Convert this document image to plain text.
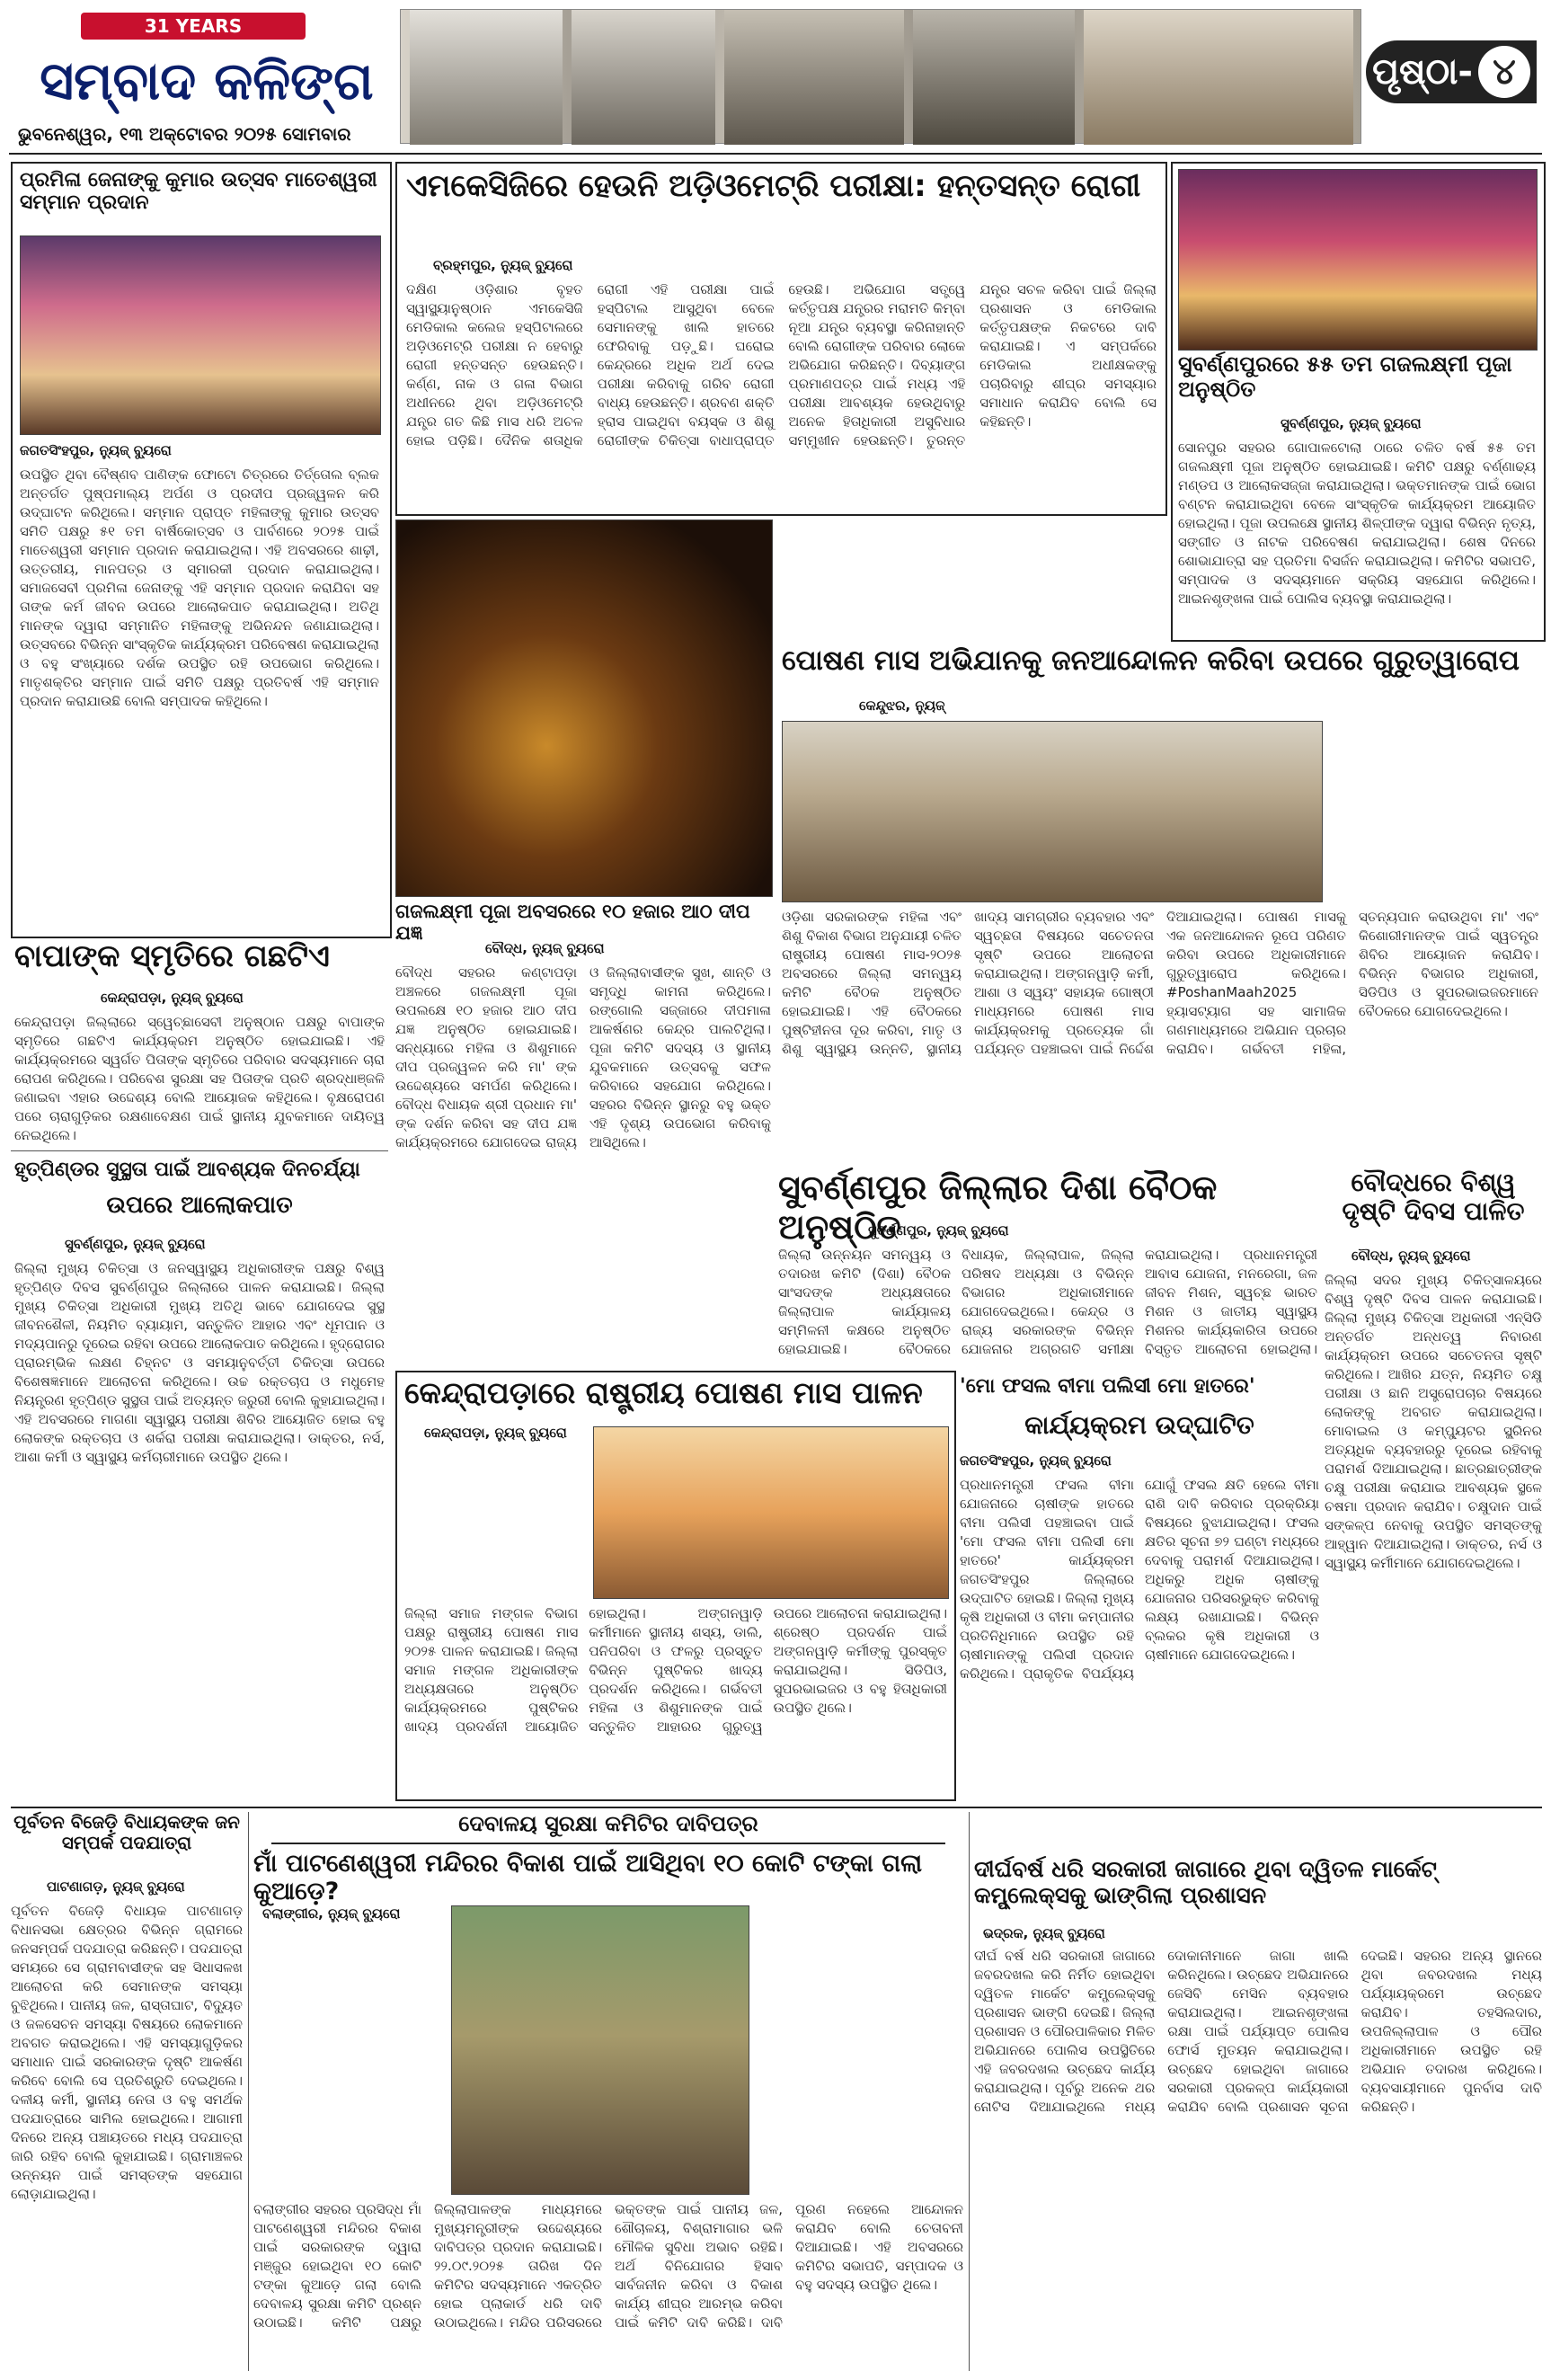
31 YEARS
ସମ୍ବାଦ କଳିଙ୍ଗ
ଭୁବନେଶ୍ୱର, ୧୩ ଅକ୍ଟୋବର ୨୦୨୫ ସୋମବାର
ପୃଷ୍ଠା- ୪
ପ୍ରମିଳା ଜେନାଙ୍କୁ କୁମାର ଉତ୍ସବ ମାତେଶ୍ୱରୀ ସମ୍ମାନ ପ୍ରଦାନ
ଜଗତସିଂହପୁର, ନ୍ୟୁଜ୍ ବ୍ୟୁରୋ
ଉପସ୍ଥିତ ଥିବା ବୈଷ୍ଣବ ପାଣିଙ୍କ ଫୋଟୋ ଚିତ୍ରରେ ତିର୍ତ୍ତୋଲ ବ୍ଲକ ଅନ୍ତର୍ଗତ ପୁଷ୍ପମାଲ୍ୟ ଅର୍ପଣ ଓ ପ୍ରଦୀପ ପ୍ରଜ୍ୱଳନ କରି ଉଦ୍‌ଘାଟନ କରିଥିଲେ। ସମ୍ମାନ ପ୍ରାପ୍ତ ମହିଳାଙ୍କୁ କୁମାର ଉତ୍ସବ ସମିତି ପକ୍ଷରୁ ୫୧ ତମ ବାର୍ଷିକୋତ୍ସବ ଓ ପାର୍ବଣରେ ୨୦୨୫ ପାଇଁ ମାତେଶ୍ୱରୀ ସମ୍ମାନ ପ୍ରଦାନ କରାଯାଇଥିଲା। ଏହି ଅବସରରେ ଶାଢ଼ୀ, ଉତ୍ତରୀୟ, ମାନପତ୍ର ଓ ସ୍ମାରକୀ ପ୍ରଦାନ କରାଯାଇଥିଲା। ସମାଜସେବୀ ପ୍ରମିଳା ଜେନାଙ୍କୁ ଏହି ସମ୍ମାନ ପ୍ରଦାନ କରାଯିବା ସହ ତାଙ୍କ କର୍ମ ଜୀବନ ଉପରେ ଆଲୋକପାତ କରାଯାଇଥିଲା। ଅତିଥି ମାନଙ୍କ ଦ୍ୱାରା ସମ୍ମାନିତ ମହିଳାଙ୍କୁ ଅଭିନନ୍ଦନ ଜଣାଯାଇଥିଲା। ଉତ୍ସବରେ ବିଭିନ୍ନ ସାଂସ୍କୃତିକ କାର୍ଯ୍ୟକ୍ରମ ପରିବେଷଣ କରାଯାଇଥିଲା ଓ ବହୁ ସଂଖ୍ୟାରେ ଦର୍ଶକ ଉପସ୍ଥିତ ରହି ଉପଭୋଗ କରିଥିଲେ। ମାତୃଶକ୍ତିର ସମ୍ମାନ ପାଇଁ ସମିତି ପକ୍ଷରୁ ପ୍ରତିବର୍ଷ ଏହି ସମ୍ମାନ ପ୍ରଦାନ କରାଯାଉଛି ବୋଲି ସମ୍ପାଦକ କହିଥିଲେ।
ବାପାଙ୍କ ସ୍ମୃତିରେ ଗଛଟିଏ
କେନ୍ଦ୍ରାପଡ଼ା, ନ୍ୟୁଜ୍ ବ୍ୟୁରୋ
କେନ୍ଦ୍ରାପଡ଼ା ଜିଲ୍ଲାରେ ସ୍ୱେଚ୍ଛାସେବୀ ଅନୁଷ୍ଠାନ ପକ୍ଷରୁ ବାପାଙ୍କ ସ୍ମୃତିରେ ଗଛଟିଏ କାର୍ଯ୍ୟକ୍ରମ ଅନୁଷ୍ଠିତ ହୋଇଯାଇଛି। ଏହି କାର୍ଯ୍ୟକ୍ରମରେ ସ୍ୱର୍ଗତ ପିତାଙ୍କ ସ୍ମୃତିରେ ପରିବାର ସଦସ୍ୟମାନେ ଚାରା ରୋପଣ କରିଥିଲେ। ପରିବେଶ ସୁରକ୍ଷା ସହ ପିତାଙ୍କ ପ୍ରତି ଶ୍ରଦ୍ଧାଞ୍ଜଳି ଜଣାଇବା ଏହାର ଉଦ୍ଦେଶ୍ୟ ବୋଲି ଆୟୋଜକ କହିଥିଲେ। ବୃକ୍ଷରୋପଣ ପରେ ଚାରାଗୁଡ଼ିକର ରକ୍ଷଣାବେକ୍ଷଣ ପାଇଁ ସ୍ଥାନୀୟ ଯୁବକମାନେ ଦାୟିତ୍ୱ ନେଇଥିଲେ।
ହୃତ୍‌ପିଣ୍ଡର ସୁସ୍ଥତା ପାଇଁ ଆବଶ୍ୟକ ଦିନଚର୍ଯ୍ୟା
ଉପରେ ଆଲୋକପାତ
ସୁବର୍ଣ୍ଣପୁର, ନ୍ୟୁଜ୍ ବ୍ୟୁରୋ
ଜିଲ୍ଲା ମୁଖ୍ୟ ଚିକିତ୍ସା ଓ ଜନସ୍ୱାସ୍ଥ୍ୟ ଅଧିକାରୀଙ୍କ ପକ୍ଷରୁ ବିଶ୍ୱ ହୃତ୍‌ପିଣ୍ଡ ଦିବସ ସୁବର୍ଣ୍ଣପୁର ଜିଲ୍ଲାରେ ପାଳନ କରାଯାଇଛି। ଜିଲ୍ଲା ମୁଖ୍ୟ ଚିକିତ୍ସା ଅଧିକାରୀ ମୁଖ୍ୟ ଅତିଥି ଭାବେ ଯୋଗଦେଇ ସୁସ୍ଥ ଜୀବନଶୈଳୀ, ନିୟମିତ ବ୍ୟାୟାମ, ସନ୍ତୁଳିତ ଆହାର ଏବଂ ଧୂମପାନ ଓ ମଦ୍ୟପାନରୁ ଦୂରେଇ ରହିବା ଉପରେ ଆଲୋକପାତ କରିଥିଲେ। ହୃଦ୍‌ରୋଗର ପ୍ରାରମ୍ଭିକ ଲକ୍ଷଣ ଚିହ୍ନଟ ଓ ସମୟାନୁବର୍ତ୍ତୀ ଚିକିତ୍ସା ଉପରେ ବିଶେଷଜ୍ଞମାନେ ଆଲୋଚନା କରିଥିଲେ। ଉଚ୍ଚ ରକ୍ତଚାପ ଓ ମଧୁମେହ ନିୟନ୍ତ୍ରଣ ହୃତ୍‌ପିଣ୍ଡ ସୁସ୍ଥତା ପାଇଁ ଅତ୍ୟନ୍ତ ଜରୁରୀ ବୋଲି କୁହାଯାଇଥିଲା। ଏହି ଅବସରରେ ମାଗଣା ସ୍ୱାସ୍ଥ୍ୟ ପରୀକ୍ଷା ଶିବିର ଆୟୋଜିତ ହୋଇ ବହୁ ଲୋକଙ୍କ ରକ୍ତଚାପ ଓ ଶର୍କରା ପରୀକ୍ଷା କରାଯାଇଥିଲା। ଡାକ୍ତର, ନର୍ସ, ଆଶା କର୍ମୀ ଓ ସ୍ୱାସ୍ଥ୍ୟ କର୍ମଚାରୀମାନେ ଉପସ୍ଥିତ ଥିଲେ।
ଏମକେସିଜିରେ ହେଉନି ଅଡ଼ିଓମେଟ୍ରି ପରୀକ୍ଷା: ହନ୍ତସନ୍ତ ରୋଗୀ
ବ୍ରହ୍ମପୁର, ନ୍ୟୁଜ୍ ବ୍ୟୁରୋ
ଦକ୍ଷିଣ ଓଡ଼ିଶାର ବୃହତ ସ୍ୱାସ୍ଥ୍ୟାନୁଷ୍ଠାନ ଏମକେସିଜି ମେଡିକାଲ କଲେଜ ହସ୍ପିଟାଲରେ ଅଡ଼ିଓମେଟ୍ରି ପରୀକ୍ଷା ନ ହେବାରୁ ରୋଗୀ ହନ୍ତସନ୍ତ ହେଉଛନ୍ତି। କର୍ଣ୍ଣ, ନାକ ଓ ଗଳା ବିଭାଗ ଅଧୀନରେ ଥିବା ଅଡ଼ିଓମେଟ୍ରି ଯନ୍ତ୍ର ଗତ କିଛି ମାସ ଧରି ଅଚଳ ହୋଇ ପଡ଼ିଛି। ଦୈନିକ ଶତାଧିକ ରୋଗୀ ଏହି ପରୀକ୍ଷା ପାଇଁ ହସ୍ପିଟାଲ ଆସୁଥିବା ବେଳେ ସେମାନଙ୍କୁ ଖାଲି ହାତରେ ଫେରିବାକୁ ପଡ଼ୁଛି। ଘରୋଇ କେନ୍ଦ୍ରରେ ଅଧିକ ଅର୍ଥ ଦେଇ ପରୀକ୍ଷା କରିବାକୁ ଗରିବ ରୋଗୀ ବାଧ୍ୟ ହେଉଛନ୍ତି। ଶ୍ରବଣ ଶକ୍ତି ହ୍ରାସ ପାଇଥିବା ବୟସ୍କ ଓ ଶିଶୁ ରୋଗୀଙ୍କ ଚିକିତ୍ସା ବାଧାପ୍ରାପ୍ତ ହେଉଛି। ଅଭିଯୋଗ ସତ୍ତ୍ୱେ କର୍ତ୍ତୃପକ୍ଷ ଯନ୍ତ୍ରର ମରାମତି କିମ୍ବା ନୂଆ ଯନ୍ତ୍ର ବ୍ୟବସ୍ଥା କରିନାହାନ୍ତି ବୋଲି ରୋଗୀଙ୍କ ପରିବାର ଲୋକେ ଅଭିଯୋଗ କରିଛନ୍ତି। ଦିବ୍ୟାଙ୍ଗ ପ୍ରମାଣପତ୍ର ପାଇଁ ମଧ୍ୟ ଏହି ପରୀକ୍ଷା ଆବଶ୍ୟକ ହେଉଥିବାରୁ ଅନେକ ହିତାଧିକାରୀ ଅସୁବିଧାର ସମ୍ମୁଖୀନ ହେଉଛନ୍ତି। ତୁରନ୍ତ ଯନ୍ତ୍ର ସଚଳ କରିବା ପାଇଁ ଜିଲ୍ଲା ପ୍ରଶାସନ ଓ ମେଡିକାଲ କର୍ତ୍ତୃପକ୍ଷଙ୍କ ନିକଟରେ ଦାବି କରାଯାଇଛି। ଏ ସମ୍ପର୍କରେ ମେଡିକାଲ ଅଧୀକ୍ଷକଙ୍କୁ ପଚାରିବାରୁ ଶୀଘ୍ର ସମସ୍ୟାର ସମାଧାନ କରାଯିବ ବୋଲି ସେ କହିଛନ୍ତି।
ସୁବର୍ଣ୍ଣପୁରରେ ୫୫ ତମ ଗଜଲକ୍ଷ୍ମୀ ପୂଜା ଅନୁଷ୍ଠିତ
ସୁବର୍ଣ୍ଣପୁର, ନ୍ୟୁଜ୍ ବ୍ୟୁରୋ
ସୋନପୁର ସହରର ଗୋପାଳଟୋଲା ଠାରେ ଚଳିତ ବର୍ଷ ୫୫ ତମ ଗଜଲକ୍ଷ୍ମୀ ପୂଜା ଅନୁଷ୍ଠିତ ହୋଇଯାଇଛି। କମିଟି ପକ୍ଷରୁ ବର୍ଣ୍ଣାଢ୍ୟ ମଣ୍ଡପ ଓ ଆଲୋକସଜ୍ଜା କରାଯାଇଥିଲା। ଭକ୍ତମାନଙ୍କ ପାଇଁ ଭୋଗ ବଣ୍ଟନ କରାଯାଇଥିବା ବେଳେ ସାଂସ୍କୃତିକ କାର୍ଯ୍ୟକ୍ରମ ଆୟୋଜିତ ହୋଇଥିଲା। ପୂଜା ଉପଲକ୍ଷେ ସ୍ଥାନୀୟ ଶିଳ୍ପୀଙ୍କ ଦ୍ୱାରା ବିଭିନ୍ନ ନୃତ୍ୟ, ସଙ୍ଗୀତ ଓ ନାଟକ ପରିବେଷଣ କରାଯାଇଥିଲା। ଶେଷ ଦିନରେ ଶୋଭାଯାତ୍ରା ସହ ପ୍ରତିମା ବିସର୍ଜନ କରାଯାଇଥିଲା। କମିଟିର ସଭାପତି, ସମ୍ପାଦକ ଓ ସଦସ୍ୟମାନେ ସକ୍ରିୟ ସହଯୋଗ କରିଥିଲେ। ଆଇନଶୃଙ୍ଖଳା ପାଇଁ ପୋଲିସ ବ୍ୟବସ୍ଥା କରାଯାଇଥିଲା।
ଗଜଲକ୍ଷ୍ମୀ ପୂଜା ଅବସରରେ ୧୦ ହଜାର ଆଠ ଦୀପ ଯଜ୍ଞ
ବୌଦ୍ଧ, ନ୍ୟୁଜ୍ ବ୍ୟୁରୋ
ବୌଦ୍ଧ ସହରର କଣ୍ଟାପଡ଼ା ଅଞ୍ଚଳରେ ଗଜଲକ୍ଷ୍ମୀ ପୂଜା ଉପଲକ୍ଷେ ୧୦ ହଜାର ଆଠ ଦୀପ ଯଜ୍ଞ ଅନୁଷ୍ଠିତ ହୋଇଯାଇଛି। ସନ୍ଧ୍ୟାରେ ମହିଳା ଓ ଶିଶୁମାନେ ଦୀପ ପ୍ରଜ୍ୱଳନ କରି ମା' ଙ୍କ ଉଦ୍ଦେଶ୍ୟରେ ସମର୍ପଣ କରିଥିଲେ। ବୌଦ୍ଧ ବିଧାୟକ ଶ୍ରୀ ପ୍ରଧାନ ମା' ଙ୍କ ଦର୍ଶନ କରିବା ସହ ଦୀପ ଯଜ୍ଞ କାର୍ଯ୍ୟକ୍ରମରେ ଯୋଗଦେଇ ରାଜ୍ୟ ଓ ଜିଲ୍ଲାବାସୀଙ୍କ ସୁଖ, ଶାନ୍ତି ଓ ସମୃଦ୍ଧି କାମନା କରିଥିଲେ। ରଙ୍ଗୋଲି ସଜ୍ଜାରେ ଦୀପମାଳା ଆକର୍ଷଣର କେନ୍ଦ୍ର ପାଲଟିଥିଲା। ପୂଜା କମିଟି ସଦସ୍ୟ ଓ ସ୍ଥାନୀୟ ଯୁବକମାନେ ଉତ୍ସବକୁ ସଫଳ କରିବାରେ ସହଯୋଗ କରିଥିଲେ। ସହରର ବିଭିନ୍ନ ସ୍ଥାନରୁ ବହୁ ଭକ୍ତ ଏହି ଦୃଶ୍ୟ ଉପଭୋଗ କରିବାକୁ ଆସିଥିଲେ।
ପୋଷଣ ମାସ ଅଭିଯାନକୁ ଜନଆନ୍ଦୋଳନ କରିବା ଉପରେ ଗୁରୁତ୍ୱାରୋପ
କେନ୍ଦୁଝର, ନ୍ୟୁଜ୍
ଓଡ଼ିଶା ସରକାରଙ୍କ ମହିଳା ଏବଂ ଶିଶୁ ବିକାଶ ବିଭାଗ ଅନୁଯାୟୀ ଚଳିତ ରାଷ୍ଟ୍ରୀୟ ପୋଷଣ ମାସ-୨୦୨୫ ଅବସରରେ ଜିଲ୍ଲା ସମନ୍ୱୟ କମିଟି ବୈଠକ ଅନୁଷ୍ଠିତ ହୋଇଯାଇଛି। ଏହି ବୈଠକରେ ପୁଷ୍ଟିହୀନତା ଦୂର କରିବା, ମାତୃ ଓ ଶିଶୁ ସ୍ୱାସ୍ଥ୍ୟ ଉନ୍ନତି, ସ୍ଥାନୀୟ ଖାଦ୍ୟ ସାମଗ୍ରୀର ବ୍ୟବହାର ଏବଂ ସ୍ୱଚ୍ଛତା ବିଷୟରେ ସଚେତନତା ସୃଷ୍ଟି ଉପରେ ଆଲୋଚନା କରାଯାଇଥିଲା। ଅଙ୍ଗନୱାଡ଼ି କର୍ମୀ, ଆଶା ଓ ସ୍ୱୟଂ ସହାୟକ ଗୋଷ୍ଠୀ ମାଧ୍ୟମରେ ପୋଷଣ ମାସ କାର୍ଯ୍ୟକ୍ରମକୁ ପ୍ରତ୍ୟେକ ଗାଁ ପର୍ଯ୍ୟନ୍ତ ପହଞ୍ଚାଇବା ପାଇଁ ନିର୍ଦ୍ଦେଶ ଦିଆଯାଇଥିଲା। ପୋଷଣ ମାସକୁ ଏକ ଜନଆନ୍ଦୋଳନ ରୂପେ ପରିଣତ କରିବା ଉପରେ ଅଧିକାରୀମାନେ ଗୁରୁତ୍ୱାରୋପ କରିଥିଲେ। #PoshanMaah2025 ହ୍ୟାସଟ୍ୟାଗ ସହ ସାମାଜିକ ଗଣମାଧ୍ୟମରେ ଅଭିଯାନ ପ୍ରଚାର କରାଯିବ। ଗର୍ଭବତୀ ମହିଳା, ସ୍ତନ୍ୟପାନ କରାଉଥିବା ମା' ଏବଂ କିଶୋରୀମାନଙ୍କ ପାଇଁ ସ୍ୱତନ୍ତ୍ର ଶିବିର ଆୟୋଜନ କରାଯିବ। ବିଭିନ୍ନ ବିଭାଗର ଅଧିକାରୀ, ସିଡିପିଓ ଓ ସୁପରଭାଇଜରମାନେ ବୈଠକରେ ଯୋଗଦେଇଥିଲେ।
ସୁବର୍ଣ୍ଣପୁର ଜିଲ୍ଲାର ଦିଶା ବୈଠକ ଅନୁଷ୍ଠିତ
ସୁବର୍ଣ୍ଣପୁର, ନ୍ୟୁଜ୍ ବ୍ୟୁରୋ
ଜିଲ୍ଲା ଉନ୍ନୟନ ସମନ୍ୱୟ ଓ ତଦାରଖ କମିଟି (ଦିଶା) ବୈଠକ ସାଂସଦଙ୍କ ଅଧ୍ୟକ୍ଷତାରେ ଜିଲ୍ଲାପାଳ କାର୍ଯ୍ୟାଳୟ ସମ୍ମିଳନୀ କକ୍ଷରେ ଅନୁଷ୍ଠିତ ହୋଇଯାଇଛି। ବୈଠକରେ ବିଧାୟକ, ଜିଲ୍ଲାପାଳ, ଜିଲ୍ଲା ପରିଷଦ ଅଧ୍ୟକ୍ଷା ଓ ବିଭିନ୍ନ ବିଭାଗର ଅଧିକାରୀମାନେ ଯୋଗଦେଇଥିଲେ। କେନ୍ଦ୍ର ଓ ରାଜ୍ୟ ସରକାରଙ୍କ ବିଭିନ୍ନ ଯୋଜନାର ଅଗ୍ରଗତି ସମୀକ୍ଷା କରାଯାଇଥିଲା। ପ୍ରଧାନମନ୍ତ୍ରୀ ଆବାସ ଯୋଜନା, ମନରେଗା, ଜଳ ଜୀବନ ମିଶନ, ସ୍ୱଚ୍ଛ ଭାରତ ମିଶନ ଓ ଜାତୀୟ ସ୍ୱାସ୍ଥ୍ୟ ମିଶନର କାର୍ଯ୍ୟକାରିତା ଉପରେ ବିସ୍ତୃତ ଆଲୋଚନା ହୋଇଥିଲା।
ବୌଦ୍ଧରେ ବିଶ୍ୱ ଦୃଷ୍ଟି ଦିବସ ପାଳିତ
ବୌଦ୍ଧ, ନ୍ୟୁଜ୍ ବ୍ୟୁରୋ
ଜିଲ୍ଲା ସଦର ମୁଖ୍ୟ ଚିକିତ୍ସାଳୟରେ ବିଶ୍ୱ ଦୃଷ୍ଟି ଦିବସ ପାଳନ କରାଯାଇଛି। ଜିଲ୍ଲା ମୁଖ୍ୟ ଚିକିତ୍ସା ଅଧିକାରୀ ଏନ୍‌ସିଡି ଅନ୍ତର୍ଗତ ଅନ୍ଧତ୍ୱ ନିବାରଣ କାର୍ଯ୍ୟକ୍ରମ ଉପରେ ସଚେତନତା ସୃଷ୍ଟି କରିଥିଲେ। ଆଖିର ଯତ୍ନ, ନିୟମିତ ଚକ୍ଷୁ ପରୀକ୍ଷା ଓ ଛାନି ଅସ୍ତ୍ରୋପଚାର ବିଷୟରେ ଲୋକଙ୍କୁ ଅବଗତ କରାଯାଇଥିଲା। ମୋବାଇଲ ଓ କମ୍ପ୍ୟୁଟର ସ୍କ୍ରିନର ଅତ୍ୟଧିକ ବ୍ୟବହାରରୁ ଦୂରେଇ ରହିବାକୁ ପରାମର୍ଶ ଦିଆଯାଇଥିଲା। ଛାତ୍ରଛାତ୍ରୀଙ୍କ ଚକ୍ଷୁ ପରୀକ୍ଷା କରାଯାଇ ଆବଶ୍ୟକ ସ୍ଥଳେ ଚଷମା ପ୍ରଦାନ କରାଯିବ। ଚକ୍ଷୁଦାନ ପାଇଁ ସଙ୍କଳ୍ପ ନେବାକୁ ଉପସ୍ଥିତ ସମସ୍ତଙ୍କୁ ଆହ୍ୱାନ ଦିଆଯାଇଥିଲା। ଡାକ୍ତର, ନର୍ସ ଓ ସ୍ୱାସ୍ଥ୍ୟ କର୍ମୀମାନେ ଯୋଗଦେଇଥିଲେ।
କେନ୍ଦ୍ରାପଡ଼ାରେ ରାଷ୍ଟ୍ରୀୟ ପୋଷଣ ମାସ ପାଳନ
କେନ୍ଦ୍ରାପଡ଼ା, ନ୍ୟୁଜ୍ ବ୍ୟୁରୋ
ଜିଲ୍ଲା ସମାଜ ମଙ୍ଗଳ ବିଭାଗ ପକ୍ଷରୁ ରାଷ୍ଟ୍ରୀୟ ପୋଷଣ ମାସ ୨୦୨୫ ପାଳନ କରାଯାଇଛି। ଜିଲ୍ଲା ସମାଜ ମଙ୍ଗଳ ଅଧିକାରୀଙ୍କ ଅଧ୍ୟକ୍ଷତାରେ ଅନୁଷ୍ଠିତ କାର୍ଯ୍ୟକ୍ରମରେ ପୁଷ୍ଟିକର ଖାଦ୍ୟ ପ୍ରଦର୍ଶନୀ ଆୟୋଜିତ ହୋଇଥିଲା। ଅଙ୍ଗନୱାଡ଼ି କର୍ମୀମାନେ ସ୍ଥାନୀୟ ଶସ୍ୟ, ଡାଲି, ପନିପରିବା ଓ ଫଳରୁ ପ୍ରସ୍ତୁତ ବିଭିନ୍ନ ପୁଷ୍ଟିକର ଖାଦ୍ୟ ପ୍ରଦର୍ଶନ କରିଥିଲେ। ଗର୍ଭବତୀ ମହିଳା ଓ ଶିଶୁମାନଙ୍କ ପାଇଁ ସନ୍ତୁଳିତ ଆହାରର ଗୁରୁତ୍ୱ ଉପରେ ଆଲୋଚନା କରାଯାଇଥିଲା। ଶ୍ରେଷ୍ଠ ପ୍ରଦର୍ଶନ ପାଇଁ ଅଙ୍ଗନୱାଡ଼ି କର୍ମୀଙ୍କୁ ପୁରସ୍କୃତ କରାଯାଇଥିଲା। ସିଡିପିଓ, ସୁପରଭାଇଜର ଓ ବହୁ ହିତାଧିକାରୀ ଉପସ୍ଥିତ ଥିଲେ।
'ମୋ ଫସଲ ବୀମା ପଲିସୀ ମୋ ହାତରେ'
କାର୍ଯ୍ୟକ୍ରମ ଉଦ୍‌ଘାଟିତ
ଜଗତସିଂହପୁର, ନ୍ୟୁଜ୍ ବ୍ୟୁରୋ
ପ୍ରଧାନମନ୍ତ୍ରୀ ଫସଲ ବୀମା ଯୋଜନାରେ ଚାଷୀଙ୍କ ହାତରେ ବୀମା ପଲିସୀ ପହଞ୍ଚାଇବା ପାଇଁ 'ମୋ ଫସଲ ବୀମା ପଲିସୀ ମୋ ହାତରେ' କାର୍ଯ୍ୟକ୍ରମ ଜଗତସିଂହପୁର ଜିଲ୍ଲାରେ ଉଦ୍‌ଘାଟିତ ହୋଇଛି। ଜିଲ୍ଲା ମୁଖ୍ୟ କୃଷି ଅଧିକାରୀ ଓ ବୀମା କମ୍ପାନୀର ପ୍ରତିନିଧିମାନେ ଉପସ୍ଥିତ ରହି ଚାଷୀମାନଙ୍କୁ ପଲିସୀ ପ୍ରଦାନ କରିଥିଲେ। ପ୍ରାକୃତିକ ବିପର୍ଯ୍ୟୟ ଯୋଗୁଁ ଫସଲ କ୍ଷତି ହେଲେ ବୀମା ରାଶି ଦାବି କରିବାର ପ୍ରକ୍ରିୟା ବିଷୟରେ ବୁଝାଯାଇଥିଲା। ଫସଲ କ୍ଷତିର ସୂଚନା ୭୨ ଘଣ୍ଟା ମଧ୍ୟରେ ଦେବାକୁ ପରାମର୍ଶ ଦିଆଯାଇଥିଲା। ଅଧିକରୁ ଅଧିକ ଚାଷୀଙ୍କୁ ଯୋଜନାର ପରିସରଭୁକ୍ତ କରିବାକୁ ଲକ୍ଷ୍ୟ ରଖାଯାଇଛି। ବିଭିନ୍ନ ବ୍ଲକର କୃଷି ଅଧିକାରୀ ଓ ଚାଷୀମାନେ ଯୋଗଦେଇଥିଲେ।
ପୂର୍ବତନ ବିଜେଡ଼ି ବିଧାୟକଙ୍କ ଜନ ସମ୍ପର୍କ ପଦଯାତ୍ରା
ପାଟଣାଗଡ଼, ନ୍ୟୁଜ୍ ବ୍ୟୁରୋ
ପୂର୍ବତନ ବିଜେଡ଼ି ବିଧାୟକ ପାଟଣାଗଡ଼ ବିଧାନସଭା କ୍ଷେତ୍ରର ବିଭିନ୍ନ ଗ୍ରାମରେ ଜନସମ୍ପର୍କ ପଦଯାତ୍ରା କରିଛନ୍ତି। ପଦଯାତ୍ରା ସମୟରେ ସେ ଗ୍ରାମବାସୀଙ୍କ ସହ ସିଧାସଳଖ ଆଲୋଚନା କରି ସେମାନଙ୍କ ସମସ୍ୟା ବୁଝିଥିଲେ। ପାନୀୟ ଜଳ, ରାସ୍ତାଘାଟ, ବିଦ୍ୟୁତ ଓ ଜଳସେଚନ ସମସ୍ୟା ବିଷୟରେ ଲୋକମାନେ ଅବଗତ କରାଇଥିଲେ। ଏହି ସମସ୍ୟାଗୁଡ଼ିକର ସମାଧାନ ପାଇଁ ସରକାରଙ୍କ ଦୃଷ୍ଟି ଆକର୍ଷଣ କରିବେ ବୋଲି ସେ ପ୍ରତିଶ୍ରୁତି ଦେଇଥିଲେ। ଦଳୀୟ କର୍ମୀ, ସ୍ଥାନୀୟ ନେତା ଓ ବହୁ ସମର୍ଥକ ପଦଯାତ୍ରାରେ ସାମିଲ ହୋଇଥିଲେ। ଆଗାମୀ ଦିନରେ ଅନ୍ୟ ପଞ୍ଚାୟତରେ ମଧ୍ୟ ପଦଯାତ୍ରା ଜାରି ରହିବ ବୋଲି କୁହାଯାଇଛି। ଗ୍ରାମାଞ୍ଚଳର ଉନ୍ନୟନ ପାଇଁ ସମସ୍ତଙ୍କ ସହଯୋଗ ଲୋଡ଼ାଯାଇଥିଲା।
ଦେବାଳୟ ସୁରକ୍ଷା କମିଟିର ଦାବିପତ୍ର
ମାଁ ପାଟଣେଶ୍ୱରୀ ମନ୍ଦିରର ବିକାଶ ପାଇଁ ଆସିଥିବା ୧୦ କୋଟି ଟଙ୍କା ଗଲା କୁଆଡ଼େ?
ବଲାଙ୍ଗୀର, ନ୍ୟୁଜ୍ ବ୍ୟୁରୋ
ବଲାଙ୍ଗୀର ସହରର ପ୍ରସିଦ୍ଧ ମାଁ ପାଟଣେଶ୍ୱରୀ ମନ୍ଦିରର ବିକାଶ ପାଇଁ ସରକାରଙ୍କ ଦ୍ୱାରା ମଞ୍ଜୁର ହୋଇଥିବା ୧୦ କୋଟି ଟଙ୍କା କୁଆଡ଼େ ଗଲା ବୋଲି ଦେବାଳୟ ସୁରକ୍ଷା କମିଟି ପ୍ରଶ୍ନ ଉଠାଇଛି। କମିଟି ପକ୍ଷରୁ ଜିଲ୍ଲାପାଳଙ୍କ ମାଧ୍ୟମରେ ମୁଖ୍ୟମନ୍ତ୍ରୀଙ୍କ ଉଦ୍ଦେଶ୍ୟରେ ଦାବିପତ୍ର ପ୍ରଦାନ କରାଯାଇଛି। ୨୨.୦୯.୨୦୨୫ ତାରିଖ ଦିନ କମିଟିର ସଦସ୍ୟମାନେ ଏକତ୍ରିତ ହୋଇ ପ୍ଲାକାର୍ଡ ଧରି ଦାବି ଉଠାଇଥିଲେ। ମନ୍ଦିର ପରିସରରେ ଭକ୍ତଙ୍କ ପାଇଁ ପାନୀୟ ଜଳ, ଶୌଚାଳୟ, ବିଶ୍ରାମାଗାର ଭଳି ମୌଳିକ ସୁବିଧା ଅଭାବ ରହିଛି। ଅର୍ଥ ବିନିଯୋଗର ହିସାବ ସାର୍ବଜନୀନ କରିବା ଓ ବିକାଶ କାର୍ଯ୍ୟ ଶୀଘ୍ର ଆରମ୍ଭ କରିବା ପାଇଁ କମିଟି ଦାବି କରିଛି। ଦାବି ପୂରଣ ନହେଲେ ଆନ୍ଦୋଳନ କରାଯିବ ବୋଲି ଚେତାବନୀ ଦିଆଯାଇଛି। ଏହି ଅବସରରେ କମିଟିର ସଭାପତି, ସମ୍ପାଦକ ଓ ବହୁ ସଦସ୍ୟ ଉପସ୍ଥିତ ଥିଲେ।
ଦୀର୍ଘବର୍ଷ ଧରି ସରକାରୀ ଜାଗାରେ ଥିବା ଦ୍ୱିତଳ ମାର୍କେଟ୍ କମ୍ପ୍ଲେକ୍ସକୁ ଭାଙ୍ଗିଲା ପ୍ରଶାସନ
ଭଦ୍ରକ, ନ୍ୟୁଜ୍ ବ୍ୟୁରୋ
ଦୀର୍ଘ ବର୍ଷ ଧରି ସରକାରୀ ଜାଗାରେ ଜବରଦଖଲ କରି ନିର୍ମିତ ହୋଇଥିବା ଦ୍ୱିତଳ ମାର୍କେଟ କମ୍ପ୍ଲେକ୍ସକୁ ପ୍ରଶାସନ ଭାଙ୍ଗି ଦେଇଛି। ଜିଲ୍ଲା ପ୍ରଶାସନ ଓ ପୌରପାଳିକାର ମିଳିତ ଅଭିଯାନରେ ପୋଲିସ ଉପସ୍ଥିତିରେ ଏହି ଜବରଦଖଲ ଉଚ୍ଛେଦ କାର୍ଯ୍ୟ କରାଯାଇଥିଲା। ପୂର୍ବରୁ ଅନେକ ଥର ନୋଟିସ ଦିଆଯାଇଥିଲେ ମଧ୍ୟ ଦୋକାନୀମାନେ ଜାଗା ଖାଲି କରିନଥିଲେ। ଉଚ୍ଛେଦ ଅଭିଯାନରେ ଜେସିବି ମେସିନ ବ୍ୟବହାର କରାଯାଇଥିଲା। ଆଇନଶୃଙ୍ଖଳା ରକ୍ଷା ପାଇଁ ପର୍ଯ୍ୟାପ୍ତ ପୋଲିସ ଫୋର୍ସ ମୁତୟନ କରାଯାଇଥିଲା। ଉଚ୍ଛେଦ ହୋଇଥିବା ଜାଗାରେ ସରକାରୀ ପ୍ରକଳ୍ପ କାର୍ଯ୍ୟକାରୀ କରାଯିବ ବୋଲି ପ୍ରଶାସନ ସୂଚନା ଦେଇଛି। ସହରର ଅନ୍ୟ ସ୍ଥାନରେ ଥିବା ଜବରଦଖଲ ମଧ୍ୟ ପର୍ଯ୍ୟାୟକ୍ରମେ ଉଚ୍ଛେଦ କରାଯିବ। ତହସିଲଦାର, ଉପଜିଲ୍ଲାପାଳ ଓ ପୌର ଅଧିକାରୀମାନେ ଉପସ୍ଥିତ ରହି ଅଭିଯାନ ତଦାରଖ କରିଥିଲେ। ବ୍ୟବସାୟୀମାନେ ପୁନର୍ବାସ ଦାବି କରିଛନ୍ତି।
